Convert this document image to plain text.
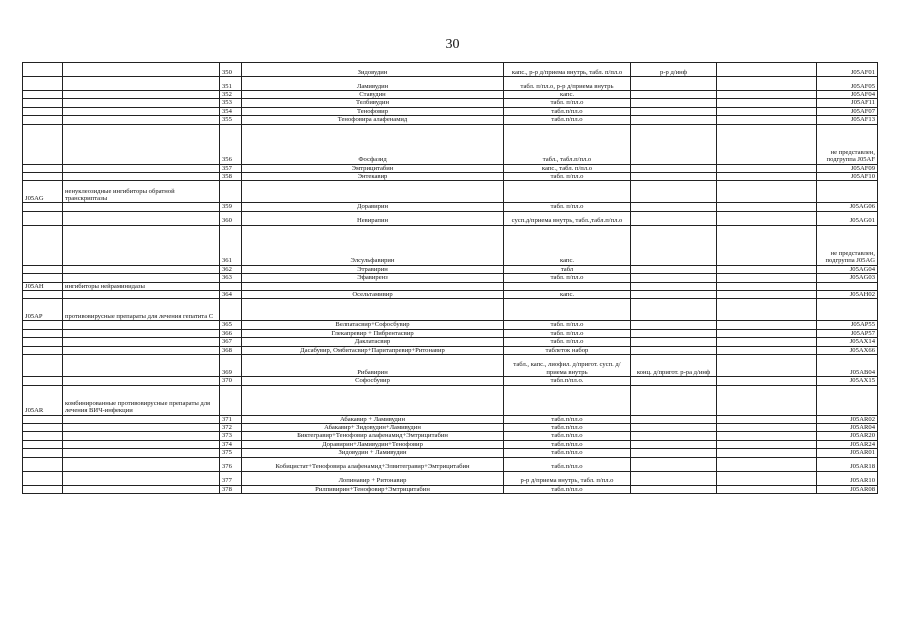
30
		350	Зидовудин	капс., р-р д/приема внутрь, табл. п/пл.о	р-р д/инф		J05AF01
		351	Ламивудин	табл. п/пл.о, р-р д/приема внутрь			J05AF05
		352	Ставудин	капс.			J05AF04
		353	Телбивудин	табл. п/пл.о			J05AF11
		354	Тенофовир	табл.п/пл.о			J05AF07
		355	Тенофовира алафенамид	табл.п/пл.о			J05AF13
		356	Фосфазид	табл., табл.п/пл.о			не представлен, подгруппа J05AF
		357	Эмтрицитабин	капс., табл. п/пл.о			J05AF09
		358	Энтекавир	табл. п/пл.о			J05AF10
J05AG	ненуклеозидные ингибиторы обратной транскриптазы						
		359	Доравирин	табл. п/пл.о			J05AG06
		360	Невирапин	сусп.д/приема внутрь, табл.,табл.п/пл.о			J05AG01
		361	Элсульфавирин	капс.			не представлен, подгруппа J05AG
		362	Этравирин	табл			J05AG04
		363	Эфавиренз	табл. п/пл.о			J05AG03
J05AH	ингибиторы нейраминидазы						
		364	Осельтамивир	капс.			J05AH02
J05AP	противовирусные препараты для лечения гепатита С						
		365	Велпатасвир+Софосбувир	табл. п/пл.о			J05AP55
		366	Глекапревир + Пибрентасвир	табл. п/пл.о			J05AP57
		367	Даклатасвир	табл. п/пл.о			J05AX14
		368	Дасабувир, Омбитасвир+Паритапревир+Ритонавир	таблеток набор			J05AX66
		369	Рибавирин	табл., капс., лиофил. д/пригот. сусп. д/приема внутрь	конц. д/пригот. р-ра д/инф		J05AB04
		370	Софосбувир	табл.п/пл.о.			J05AX15
J05AR	комбинированные противовирусные препараты для лечения ВИЧ-инфекции						
		371	Абакавир + Ламивудин	табл.п/пл.о			J05AR02
		372	Абакавир+ Зидовудин+Ламивудин	табл.п/пл.о			J05AR04
		373	Биктегравир+Тенофовир алафенамид+Эмтрицитабин	табл.п/пл.о			J05AR20
		374	Доравирин+Ламивудин+Тенофовир	табл.п/пл.о			J05AR24
		375	Зидовудин + Ламивудин	табл.п/пл.о			J05AR01
		376	Кобицистат+Тенофовира алафенамид+Элвитегравир+Эмтрицитабин	табл.п/пл.о			J05AR18
		377	Лопинавир + Ритонавир	р-р д/приема внутрь, табл. п/пл.о			J05AR10
		378	Рилпивирин+Тенофовир+Эмтрицитабин	табл.п/пл.о			J05AR08
